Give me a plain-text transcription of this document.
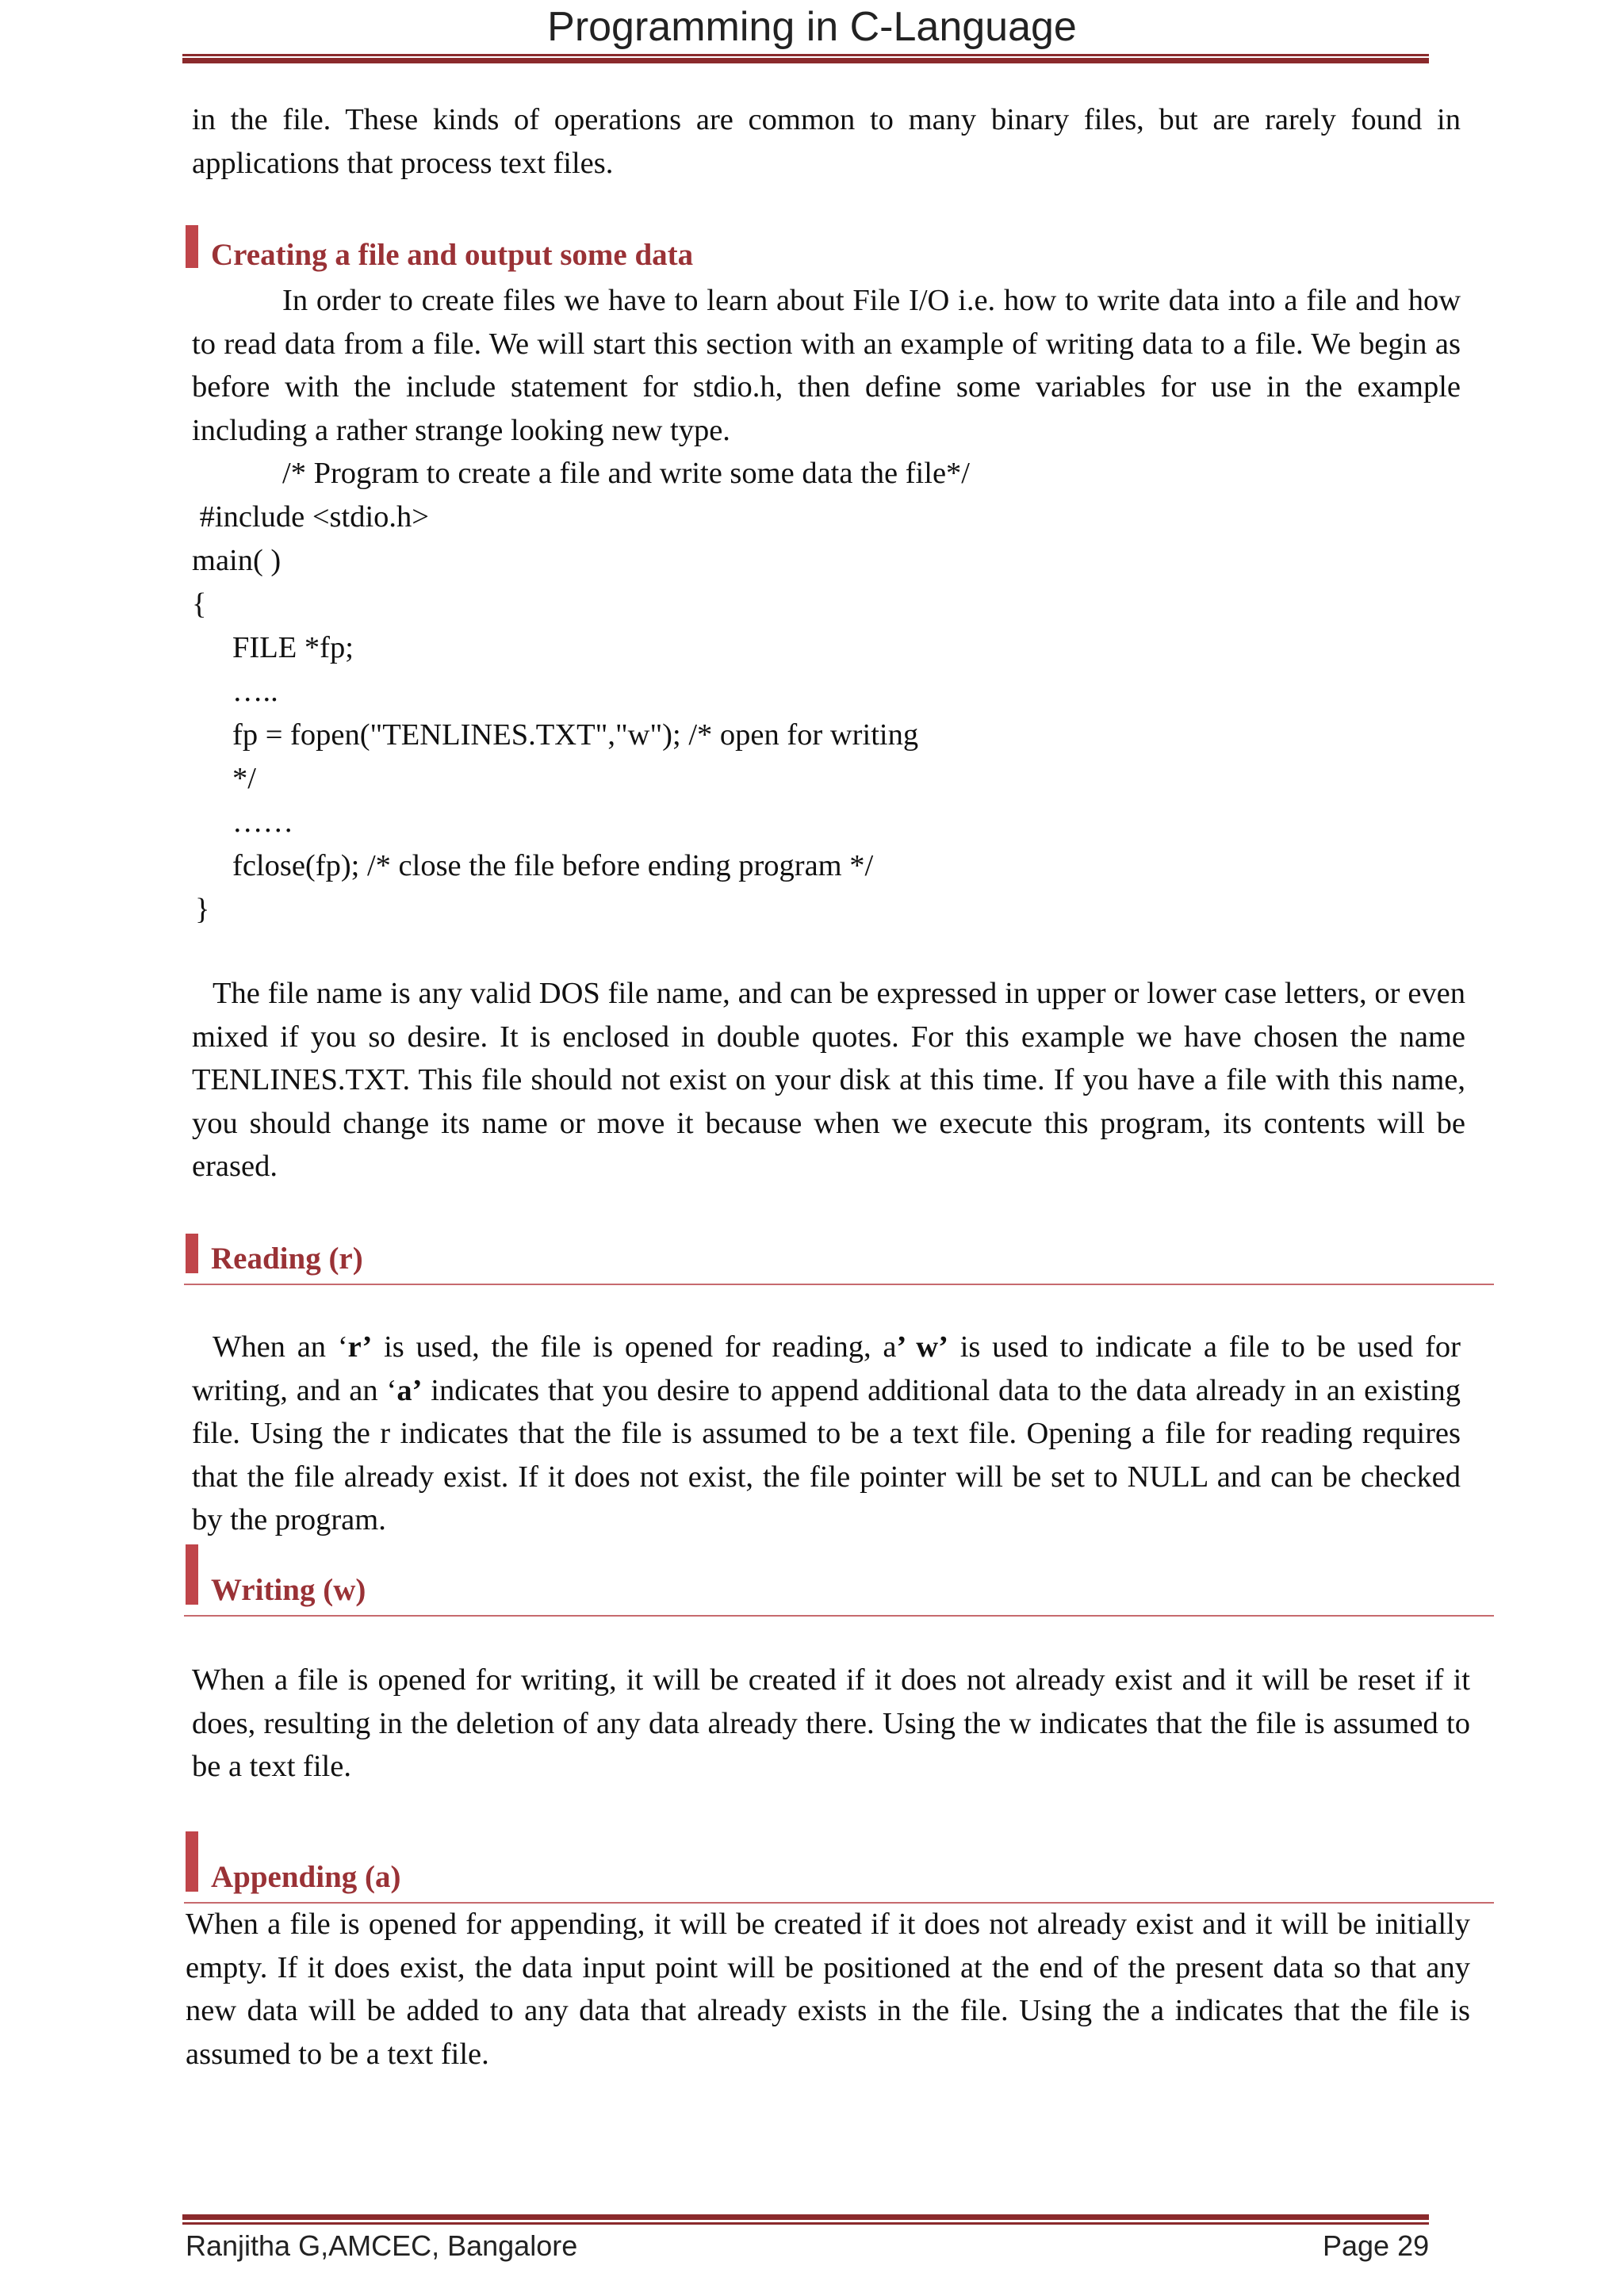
Programming in C-Language

in the file. These kinds of operations are common to many binary files, but are rarely found in applications that process text files.

Creating a file and output some data

In order to create files we have to learn about File I/O i.e. how to write data into a file and how to read data from a file. We will start this section with an example of writing data to a file. We begin as before with the include statement for stdio.h, then define some variables for use in the example including a rather strange looking new type.

/* Program to create a file and write some data the file*/
#include <stdio.h>
main( )
{
FILE *fp;
…..
fp = fopen("TENLINES.TXT","w"); /* open for writing
*/
……
fclose(fp); /* close the file before ending program */
}

The file name is any valid DOS file name, and can be expressed in upper or lower case letters, or even mixed if you so desire. It is enclosed in double quotes. For this example we have chosen the name TENLINES.TXT. This file should not exist on your disk at this time. If you have a file with this name, you should change its name or move it because when we execute this program, its contents will be erased.

Reading (r)

When an ‘r’ is used, the file is opened for reading, a’ w’ is used to indicate a file to be used for writing, and an ‘a’ indicates that you desire to append additional data to the data already in an existing file. Using the r indicates that the file is assumed to be a text file. Opening a file for reading requires that the file already exist. If it does not exist, the file pointer will be set to NULL and can be checked by the program.

Writing (w)

When a file is opened for writing, it will be created if it does not already exist and it will be reset if it does, resulting in the deletion of any data already there. Using the w indicates that the file is assumed to be a text file.

Appending (a)

When a file is opened for appending, it will be created if it does not already exist and it will be initially empty. If it does exist, the data input point will be positioned at the end of the present data so that any new data will be added to any data that already exists in the file. Using the a indicates that the file is assumed to be a text file.

Ranjitha G,AMCEC, Bangalore	Page 29
